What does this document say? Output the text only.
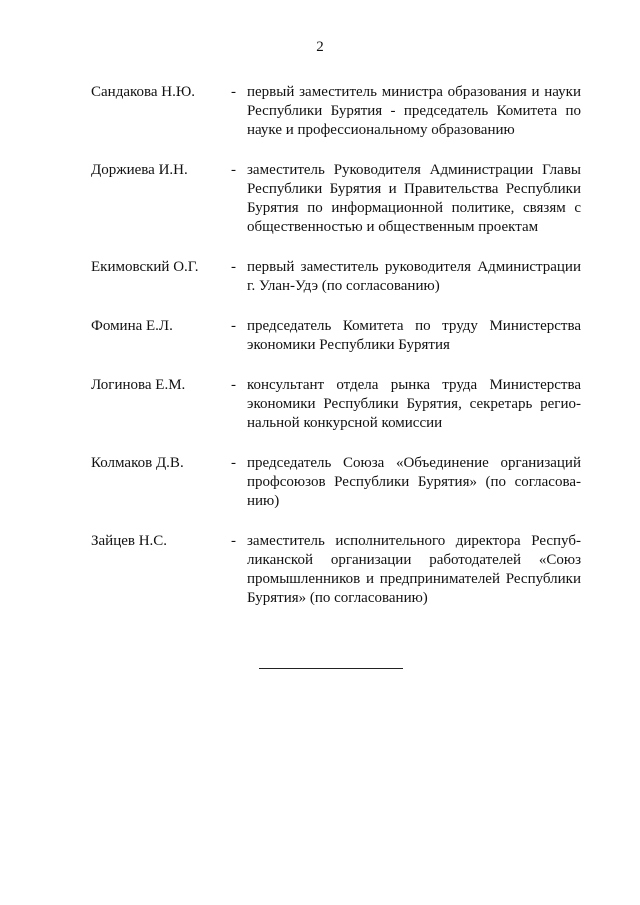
2
Сандакова Н.Ю. - первый заместитель министра образования и науки Республики Бурятия - председатель Комитета по науке и профессиональному образованию
Доржиева И.Н.	- заместитель Руководителя Администрации Главы Республики Бурятия и Правительства Республики Бурятия по информационной политике, связям с общественностью и общественным проектам
Екимовский О.Г. - первый заместитель руководителя Администрации г. Улан-Удэ (по согласованию)
Фомина Е.Л.	- председатель Комитета по труду Министерства экономики Республики Бурятия
Логинова Е.М.	- консультант отдела рынка труда Министерства экономики Республики Бурятия, секретарь региональной конкурсной комиссии
Колмаков Д.В.	- председатель Союза «Объединение организаций профсоюзов Республики Бурятия» (по согласованию)
Зайцев Н.С.	- заместитель исполнительного директора Республиканской организации работодателей «Союз промышленников и предпринимателей Республики Бурятия» (по согласованию)
